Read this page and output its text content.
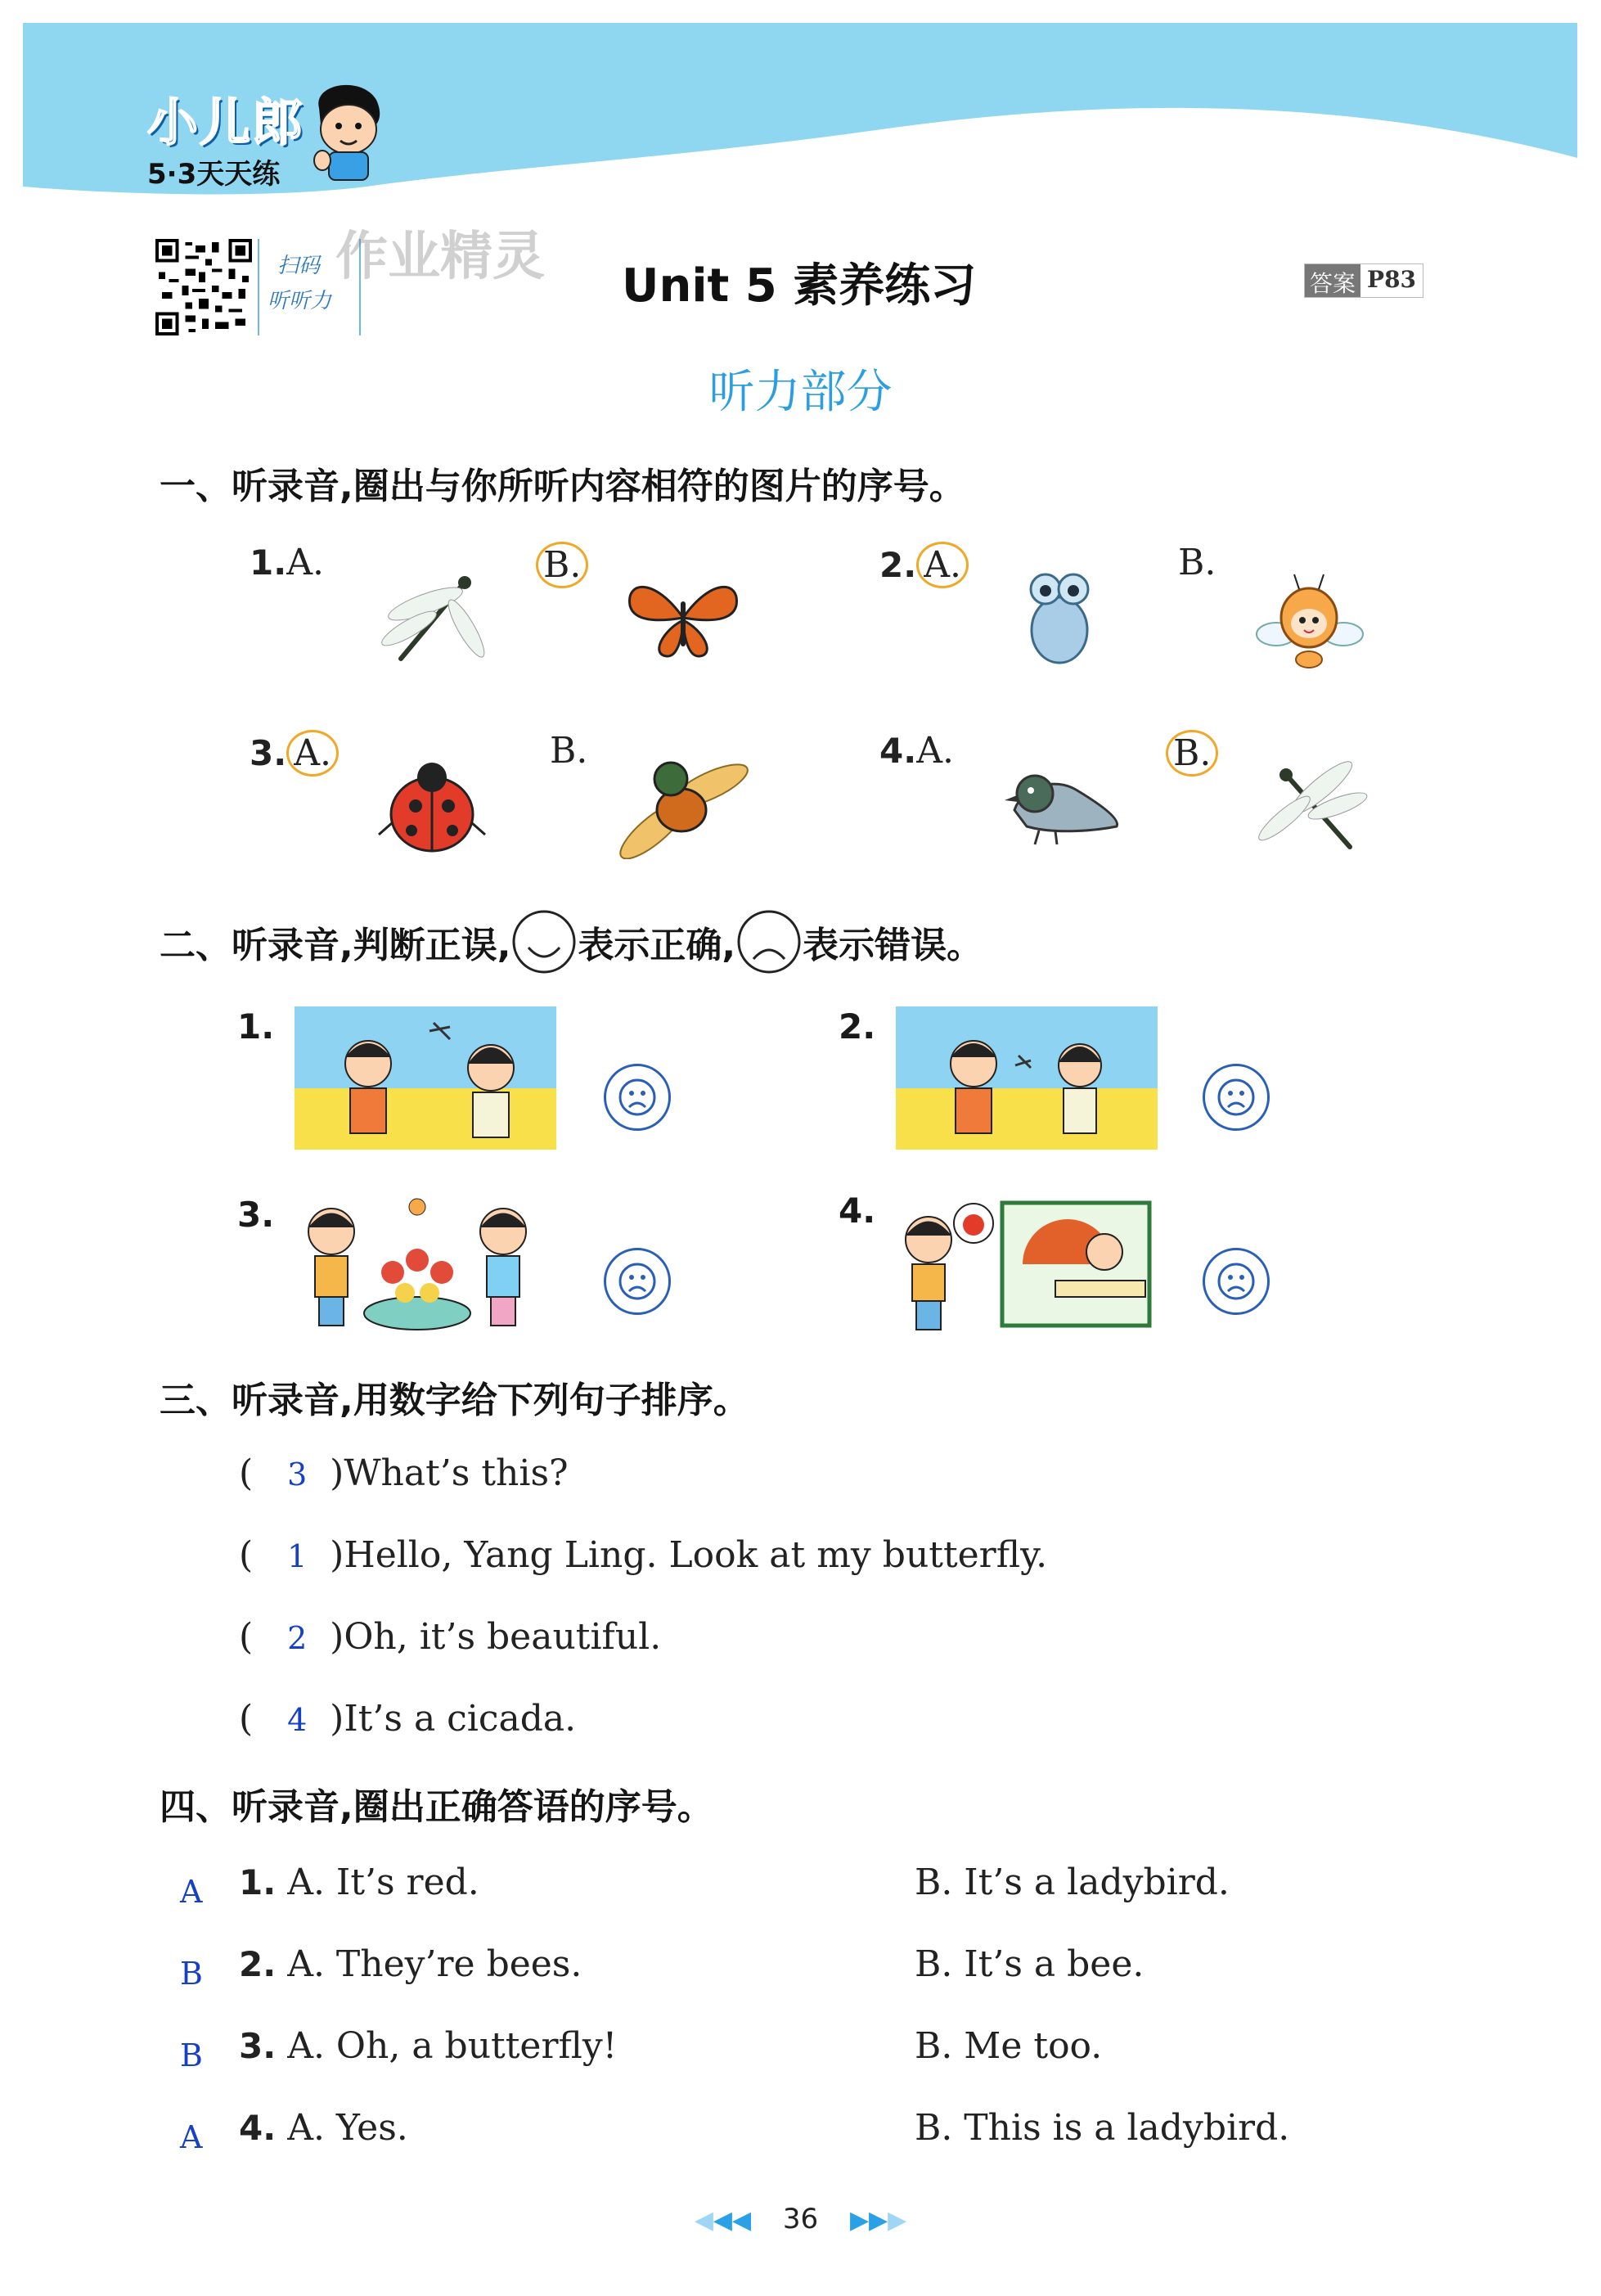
小儿郎
5·3天天练
扫码
听听力
作业精灵 Unit 5 素养练习	答案 P83
听力部分
一、听录音,圈出与你所听内容相符的图片的序号。
1.A.	B.	2. A.	B.
3. A.	B.	4.A.	B.
二、听录音,判断正误, 表示正确, 表示错误。
1.	2.
3.	4.
三、听录音,用数字给下列句子排序。
( 3 )What’s this?
( 1 )Hello, Yang Ling. Look at my butterfly.
( 2 )Oh, it’s beautiful.
( 4 )It’s a cicada.
四、听录音,圈出正确答语的序号。
A 1. A. It’s red.	B. It’s a ladybird.
B 2. A. They’re bees.	B. It’s a bee.
B 3. A. Oh, a butterfly!	B. Me too.
A 4. A. Yes.	B. This is a ladybird.
◀◀◀ 36 ▶▶▶
